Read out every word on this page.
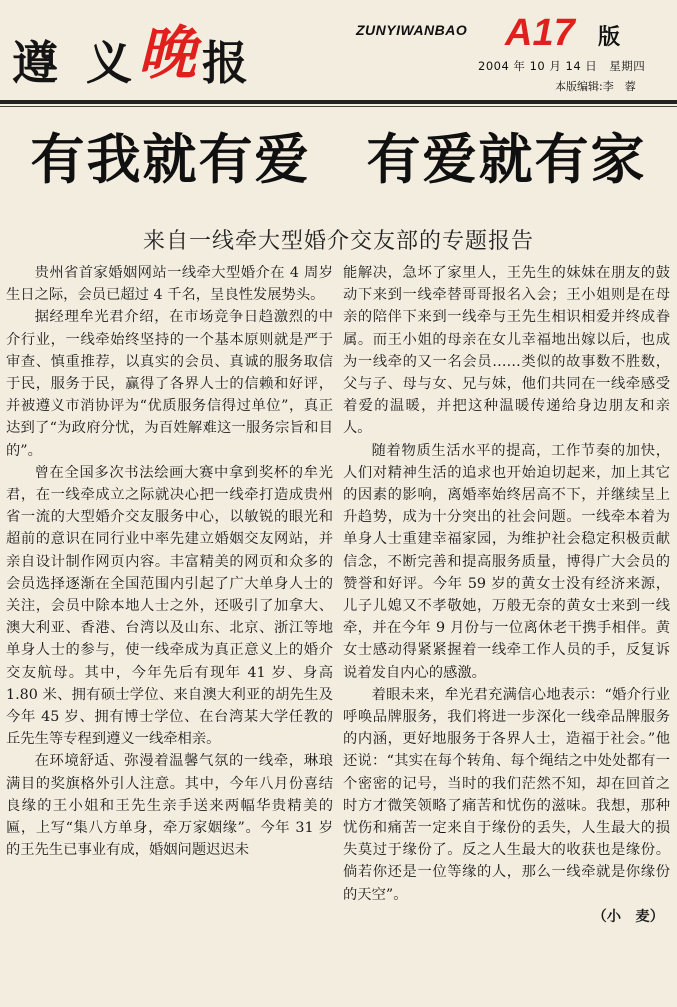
遵 义晚报
ZUNYIWANBAO A17 版
2004 年 10 月 14 日　星期四
本版编辑:李　蓉
有我就有爱　有爱就有家
来自一线牵大型婚介交友部的专题报告

贵州省首家婚姻网站一线牵大型婚介在 4 周岁生日之际，会员已超过 4 千名，呈良性发展势头。

据经理牟光君介绍，在市场竞争日趋激烈的中介行业，一线牵始终坚持的一个基本原则就是严于审查、慎重推荐，以真实的会员、真诚的服务取信于民，服务于民，赢得了各界人士的信赖和好评，并被遵义市消协评为“优质服务信得过单位”，真正达到了“为政府分忧，为百姓解难这一服务宗旨和目的”。

曾在全国多次书法绘画大赛中拿到奖杯的牟光君，在一线牵成立之际就决心把一线牵打造成贵州省一流的大型婚介交友服务中心，以敏锐的眼光和超前的意识在同行业中率先建立婚姻交友网站，并亲自设计制作网页内容。丰富精美的网页和众多的会员选择逐渐在全国范围内引起了广大单身人士的关注，会员中除本地人士之外，还吸引了加拿大、澳大利亚、香港、台湾以及山东、北京、浙江等地单身人士的参与，使一线牵成为真正意义上的婚介交友航母。其中，今年先后有现年 41 岁、身高 1.80 米、拥有硕士学位、来自澳大利亚的胡先生及今年 45 岁、拥有博士学位、在台湾某大学任教的丘先生等专程到遵义一线牵相亲。

在环境舒适、弥漫着温馨气氛的一线牵，琳琅满目的奖旗格外引人注意。其中，今年八月份喜结良缘的王小姐和王先生亲手送来两幅华贵精美的匾，上写“集八方单身，牵万家姻缘”。今年 31 岁的王先生已事业有成，婚姻问题迟迟未

能解决，急坏了家里人，王先生的妹妹在朋友的鼓动下来到一线牵替哥哥报名入会；王小姐则是在母亲的陪伴下来到一线牵与王先生相识相爱并终成眷属。而王小姐的母亲在女儿幸福地出嫁以后，也成为一线牵的又一名会员……类似的故事数不胜数，父与子、母与女、兄与妹，他们共同在一线牵感受着爱的温暖，并把这种温暖传递给身边朋友和亲人。

随着物质生活水平的提高，工作节奏的加快，人们对精神生活的追求也开始迫切起来，加上其它的因素的影响，离婚率始终居高不下，并继续呈上升趋势，成为十分突出的社会问题。一线牵本着为单身人士重建幸福家园，为维护社会稳定积极贡献信念，不断完善和提高服务质量，博得广大会员的赞誉和好评。今年 59 岁的黄女士没有经济来源，儿子儿媳又不孝敬她，万般无奈的黄女士来到一线牵，并在今年 9 月份与一位离休老干携手相伴。黄女士感动得紧紧握着一线牵工作人员的手，反复诉说着发自内心的感激。

着眼未来，牟光君充满信心地表示：“婚介行业呼唤品牌服务，我们将进一步深化一线牵品牌服务的内涵，更好地服务于各界人士，造福于社会。”他还说：“其实在每个转角、每个绳结之中处处都有一个密密的记号，当时的我们茫然不知，却在回首之时方才微笑领略了痛苦和忧伤的滋味。我想，那种忧伤和痛苦一定来自于缘份的丢失，人生最大的损失莫过于缘份了。反之人生最大的收获也是缘份。倘若你还是一位等缘的人，那么一线牵就是你缘份的天空”。

（小　麦）
